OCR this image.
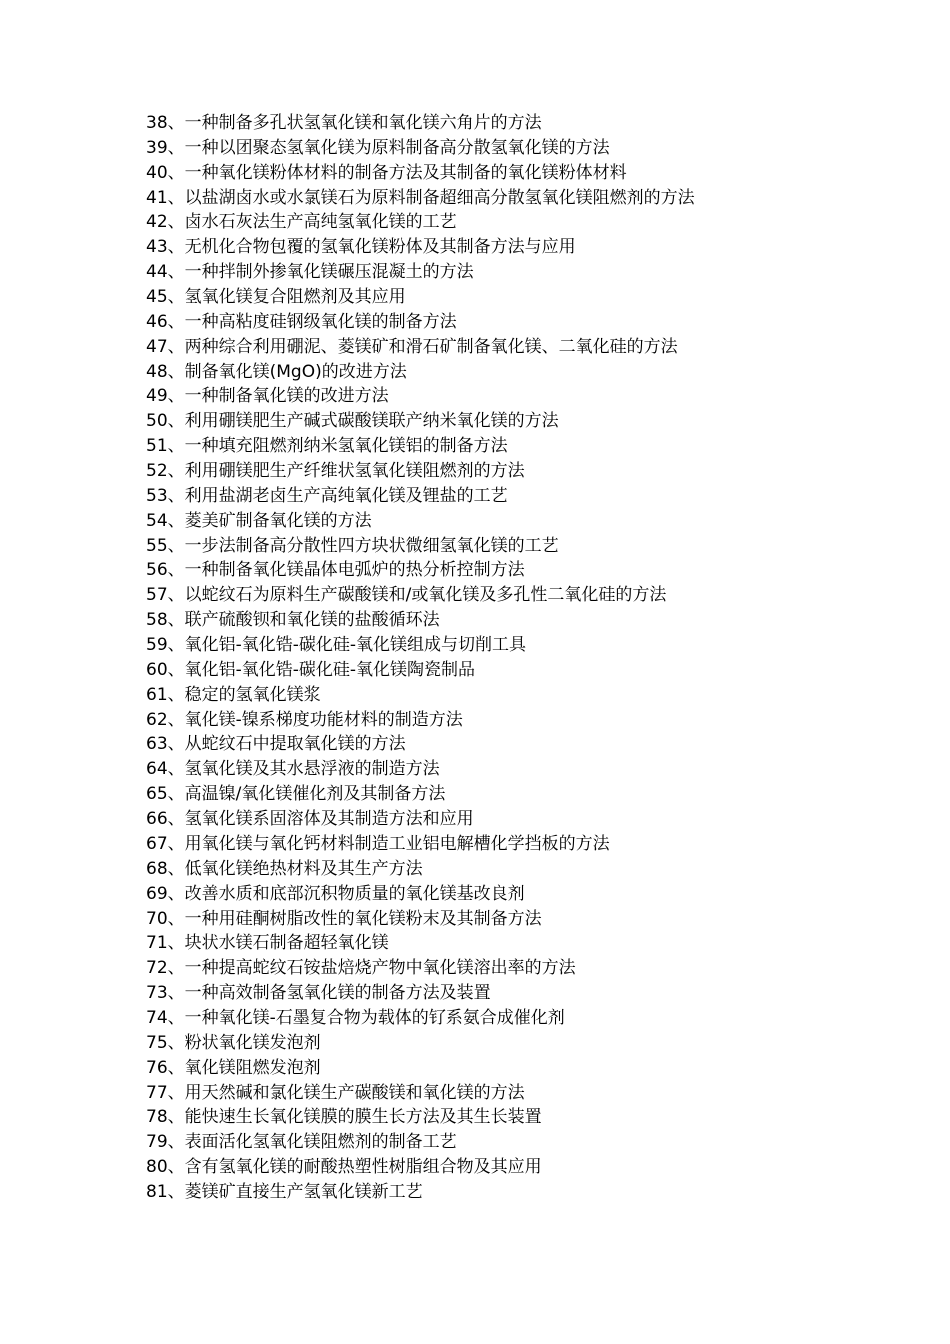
38、一种制备多孔状氢氧化镁和氧化镁六角片的方法
39、一种以团聚态氢氧化镁为原料制备高分散氢氧化镁的方法
40、一种氧化镁粉体材料的制备方法及其制备的氧化镁粉体材料
41、以盐湖卤水或水氯镁石为原料制备超细高分散氢氧化镁阻燃剂的方法
42、卤水石灰法生产高纯氢氧化镁的工艺
43、无机化合物包覆的氢氧化镁粉体及其制备方法与应用
44、一种拌制外掺氧化镁碾压混凝土的方法
45、氢氧化镁复合阻燃剂及其应用
46、一种高粘度硅钢级氧化镁的制备方法
47、两种综合利用硼泥、菱镁矿和滑石矿制备氧化镁、二氧化硅的方法
48、制备氧化镁(MgO)的改进方法
49、一种制备氧化镁的改进方法
50、利用硼镁肥生产碱式碳酸镁联产纳米氧化镁的方法
51、一种填充阻燃剂纳米氢氧化镁铝的制备方法
52、利用硼镁肥生产纤维状氢氧化镁阻燃剂的方法
53、利用盐湖老卤生产高纯氧化镁及锂盐的工艺
54、菱美矿制备氧化镁的方法
55、一步法制备高分散性四方块状微细氢氧化镁的工艺
56、一种制备氧化镁晶体电弧炉的热分析控制方法
57、以蛇纹石为原料生产碳酸镁和/或氧化镁及多孔性二氧化硅的方法
58、联产硫酸钡和氧化镁的盐酸循环法
59、氧化铝-氧化锆-碳化硅-氧化镁组成与切削工具
60、氧化铝-氧化锆-碳化硅-氧化镁陶瓷制品
61、稳定的氢氧化镁浆
62、氧化镁-镍系梯度功能材料的制造方法
63、从蛇纹石中提取氧化镁的方法
64、氢氧化镁及其水悬浮液的制造方法
65、高温镍/氧化镁催化剂及其制备方法
66、氢氧化镁系固溶体及其制造方法和应用
67、用氧化镁与氧化钙材料制造工业铝电解槽化学挡板的方法
68、低氧化镁绝热材料及其生产方法
69、改善水质和底部沉积物质量的氧化镁基改良剂
70、一种用硅酮树脂改性的氧化镁粉末及其制备方法
71、块状水镁石制备超轻氧化镁
72、一种提高蛇纹石铵盐焙烧产物中氧化镁溶出率的方法
73、一种高效制备氢氧化镁的制备方法及装置
74、一种氧化镁-石墨复合物为载体的钌系氨合成催化剂
75、粉状氧化镁发泡剂
76、氧化镁阻燃发泡剂
77、用天然碱和氯化镁生产碳酸镁和氧化镁的方法
78、能快速生长氧化镁膜的膜生长方法及其生长装置
79、表面活化氢氧化镁阻燃剂的制备工艺
80、含有氢氧化镁的耐酸热塑性树脂组合物及其应用
81、菱镁矿直接生产氢氧化镁新工艺
